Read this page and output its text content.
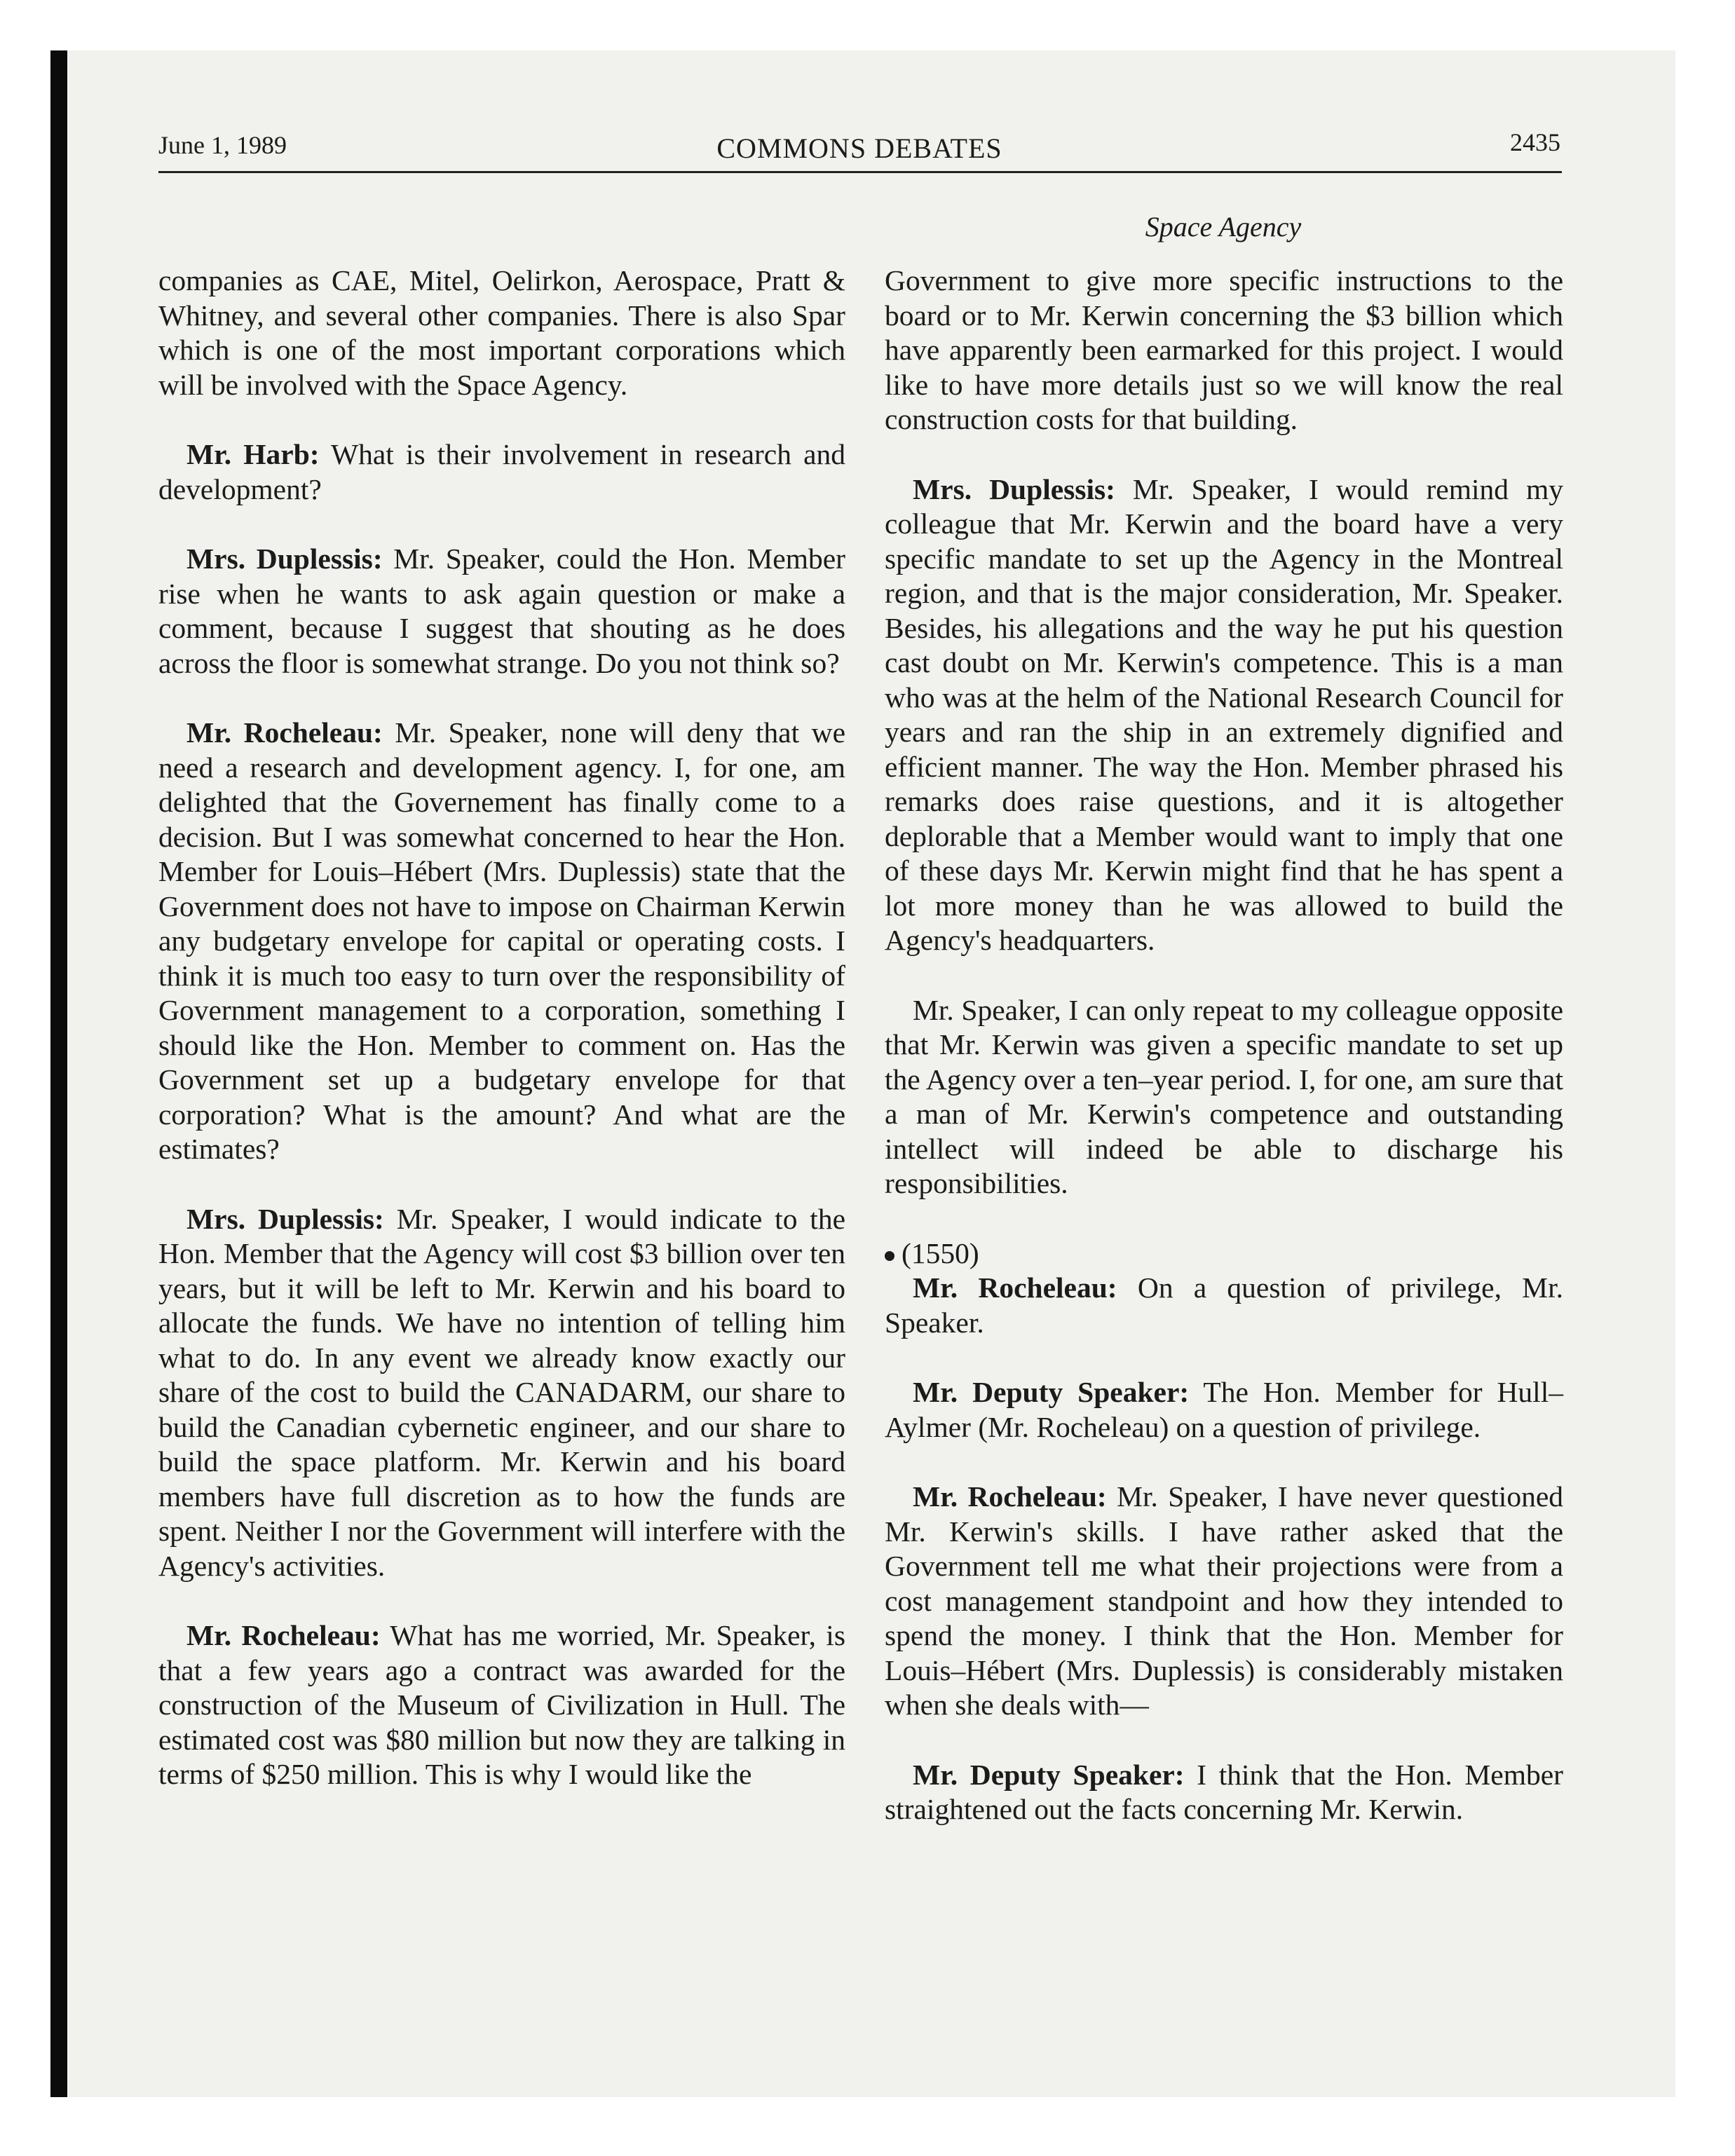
June 1, 1989	COMMONS DEBATES	2435
Space Agency

companies as CAE, Mitel, Oelirkon, Aerospace, Pratt & Whitney, and several other companies. There is also Spar which is one of the most important corporations which will be involved with the Space Agency.

Mr. Harb: What is their involvement in research and development?

Mrs. Duplessis: Mr. Speaker, could the Hon. Member rise when he wants to ask again question or make a comment, because I suggest that shouting as he does across the floor is somewhat strange. Do you not think so?

Mr. Rocheleau: Mr. Speaker, none will deny that we need a research and development agency. I, for one, am delighted that the Governement has finally come to a decision. But I was somewhat concerned to hear the Hon. Member for Louis–Hébert (Mrs. Duplessis) state that the Government does not have to impose on Chairman Kerwin any budgetary envelope for capital or operating costs. I think it is much too easy to turn over the responsibility of Government management to a corporation, something I should like the Hon. Member to comment on. Has the Government set up a budgetary envelope for that corporation? What is the amount? And what are the estimates?

Mrs. Duplessis: Mr. Speaker, I would indicate to the Hon. Member that the Agency will cost $3 billion over ten years, but it will be left to Mr. Kerwin and his board to allocate the funds. We have no intention of telling him what to do. In any event we already know exactly our share of the cost to build the CANADARM, our share to build the Canadian cybernetic engineer, and our share to build the space platform. Mr. Kerwin and his board members have full discretion as to how the funds are spent. Neither I nor the Government will interfere with the Agency's activities.

Mr. Rocheleau: What has me worried, Mr. Speaker, is that a few years ago a contract was awarded for the construction of the Museum of Civilization in Hull. The estimated cost was $80 million but now they are talking in terms of $250 million. This is why I would like the

Government to give more specific instructions to the board or to Mr. Kerwin concerning the $3 billion which have apparently been earmarked for this project. I would like to have more details just so we will know the real construction costs for that building.

Mrs. Duplessis: Mr. Speaker, I would remind my colleague that Mr. Kerwin and the board have a very specific mandate to set up the Agency in the Montreal region, and that is the major consideration, Mr. Speaker. Besides, his allegations and the way he put his question cast doubt on Mr. Kerwin's competence. This is a man who was at the helm of the National Research Council for years and ran the ship in an extremely dignified and efficient manner. The way the Hon. Member phrased his remarks does raise questions, and it is altogether deplorable that a Member would want to imply that one of these days Mr. Kerwin might find that he has spent a lot more money than he was allowed to build the Agency's headquarters.

Mr. Speaker, I can only repeat to my colleague opposite that Mr. Kerwin was given a specific mandate to set up the Agency over a ten–year period. I, for one, am sure that a man of Mr. Kerwin's competence and outstanding intellect will indeed be able to discharge his responsibilities.

(1550)

Mr. Rocheleau: On a question of privilege, Mr. Speaker.

Mr. Deputy Speaker: The Hon. Member for Hull–Aylmer (Mr. Rocheleau) on a question of privilege.

Mr. Rocheleau: Mr. Speaker, I have never questioned Mr. Kerwin's skills. I have rather asked that the Government tell me what their projections were from a cost management standpoint and how they intended to spend the money. I think that the Hon. Member for Louis–Hébert (Mrs. Duplessis) is considerably mistaken when she deals with—

Mr. Deputy Speaker: I think that the Hon. Member straightened out the facts concerning Mr. Kerwin.
